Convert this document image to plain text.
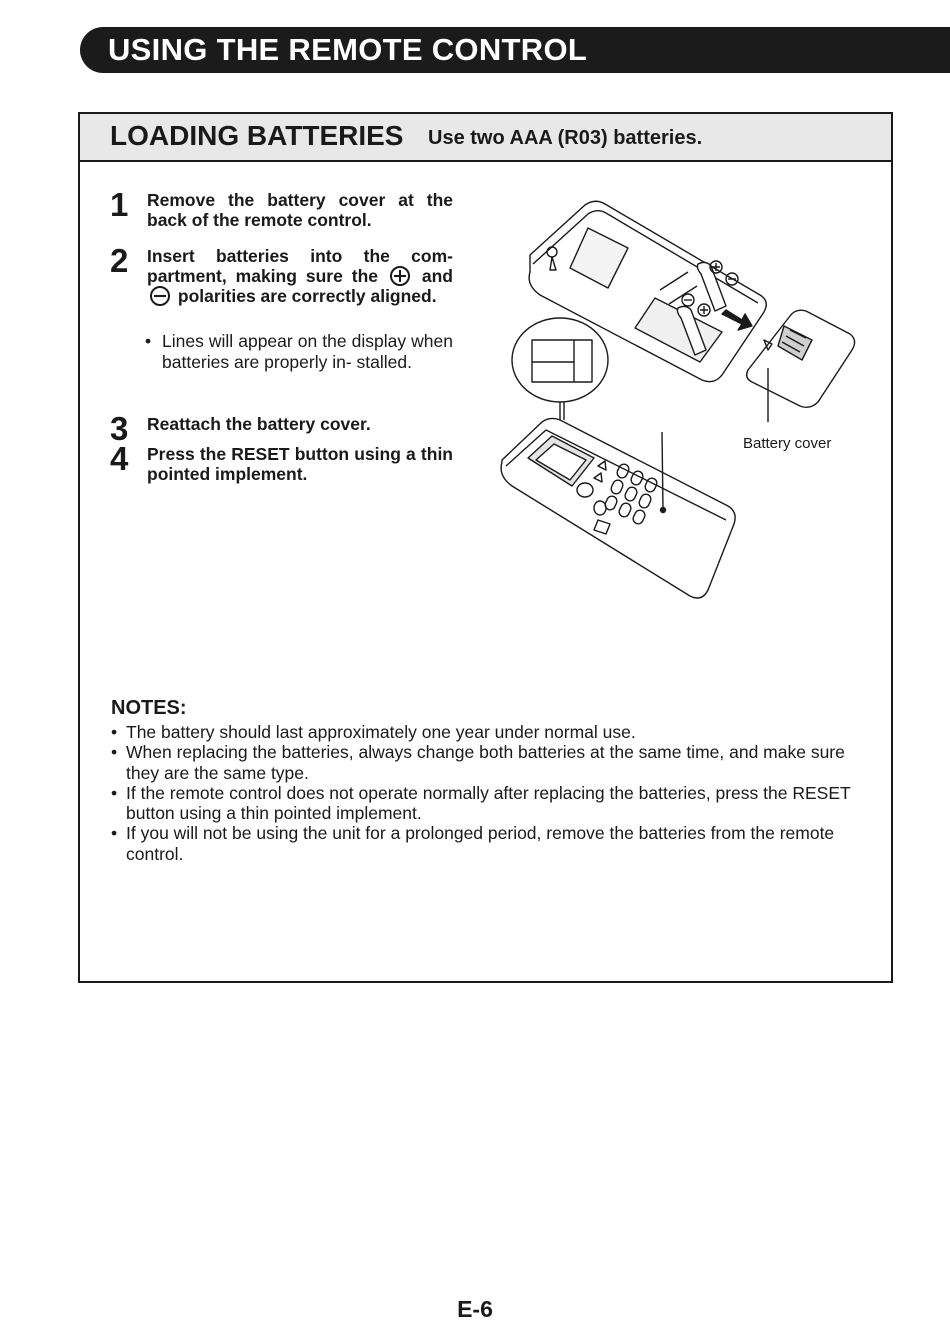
USING THE REMOTE CONTROL
LOADING BATTERIES Use two AAA (R03) batteries.
1 Remove the battery cover at the back of the remote control.
2 Insert batteries into the com- partment, making sure the	and  polarities are correctly aligned.
• Lines will appear on the display when batteries are properly in- stalled.
3 Reattach the battery cover.
4 Press the RESET button using a thin pointed implement.
Battery cover
NOTES:
• The battery should last approximately one year under normal use.
• When replacing the batteries, always change both batteries at the same time, and make sure they are the same type.
• If the remote control does not operate normally after replacing the batteries, press the RESET button using a thin pointed implement.
• If you will not be using the unit for a prolonged period, remove the batteries from the remote control.
E-6
